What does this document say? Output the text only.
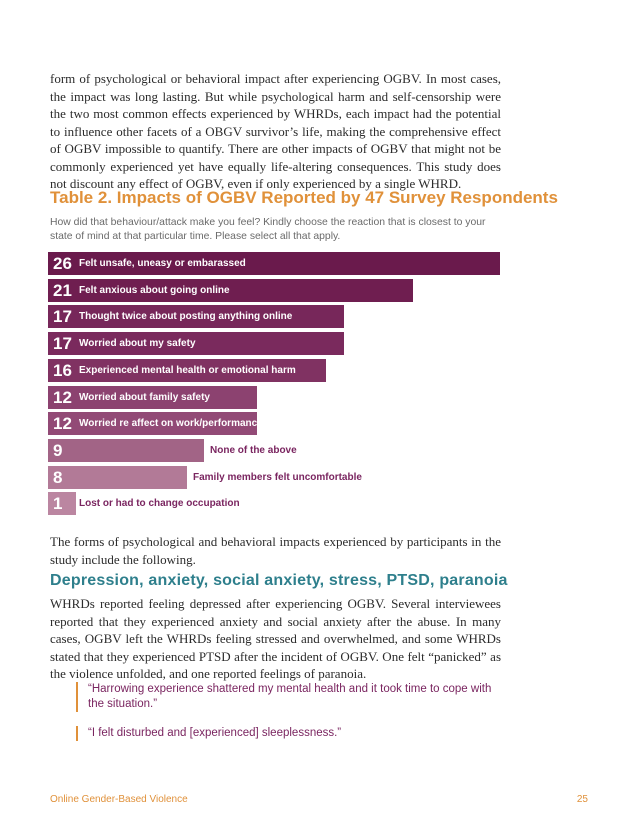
form of psychological or behavioral impact after experiencing OGBV. In most cases, the impact was long lasting. But while psychological harm and self-censorship were the two most common effects experienced by WHRDs, each impact had the potential to influence other facets of a OBGV survivor’s life, making the comprehensive effect of OGBV impossible to quantify. There are other impacts of OGBV that might not be commonly experienced yet have equally life-altering consequences. This study does not discount any effect of OGBV, even if only experienced by a single WHRD.

Table 2. Impacts of OGBV Reported by 47 Survey Respondents

How did that behaviour/attack make you feel? Kindly choose the reaction that is closest to your state of mind at that particular time. Please select all that apply.

26 Felt unsafe, uneasy or embarassed
21 Felt anxious about going online
17 Thought twice about posting anything online
17 Worried about my safety
16 Experienced mental health or emotional harm
12 Worried about family safety
12 Worried re affect on work/performance
9	None of the above
8	Family members felt uncomfortable
1 Lost or had to change occupation

The forms of psychological and behavioral impacts experienced by participants in the study include the following.

Depression, anxiety, social anxiety, stress, PTSD, paranoia

WHRDs reported feeling depressed after experiencing OGBV. Several interviewees reported that they experienced anxiety and social anxiety after the abuse. In many cases, OGBV left the WHRDs feeling stressed and overwhelmed, and some WHRDs stated that they experienced PTSD after the incident of OGBV. One felt “panicked” as the violence unfolded, and one reported feelings of paranoia.

“Harrowing experience shattered my mental health and it took time to cope with the situation.”

“I felt disturbed and [experienced] sleeplessness.”

Online Gender-Based Violence	25
